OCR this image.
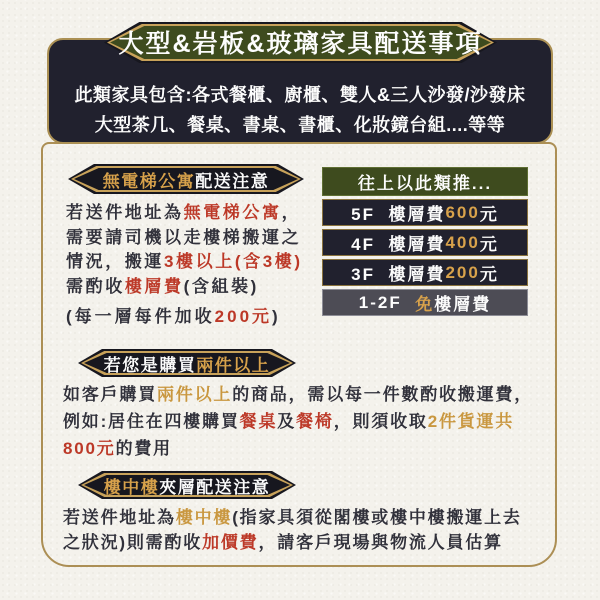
此類家具包含:各式餐櫃、廚櫃、雙人&三人沙發/沙發床
大型茶几、餐桌、書桌、書櫃、化妝鏡台組....等等
大型&岩板&玻璃家具配送事項
無電梯公寓 配送注意
若送件地址為無電梯公寓，
需要請司機以走樓梯搬運之
情況，搬運3樓以上(含3樓)
需酌收樓層費(含組裝)
(每一層每件加收200元)
往上以此類推...
5F  樓層費 600 元
4F  樓層費 400 元
3F  樓層費 200 元
1-2F 免 樓層費
若您是購買 兩件以上
如客戶購買兩件以上的商品，需以每一件數酌收搬運費，
例如:居住在四樓購買餐桌及餐椅，則須收取2件貨運共
800元的費用
樓中樓 夾層配送注意
若送件地址為樓中樓(指家具須從閣樓或樓中樓搬運上去
之狀況)則需酌收加價費，請客戶現場與物流人員估算
